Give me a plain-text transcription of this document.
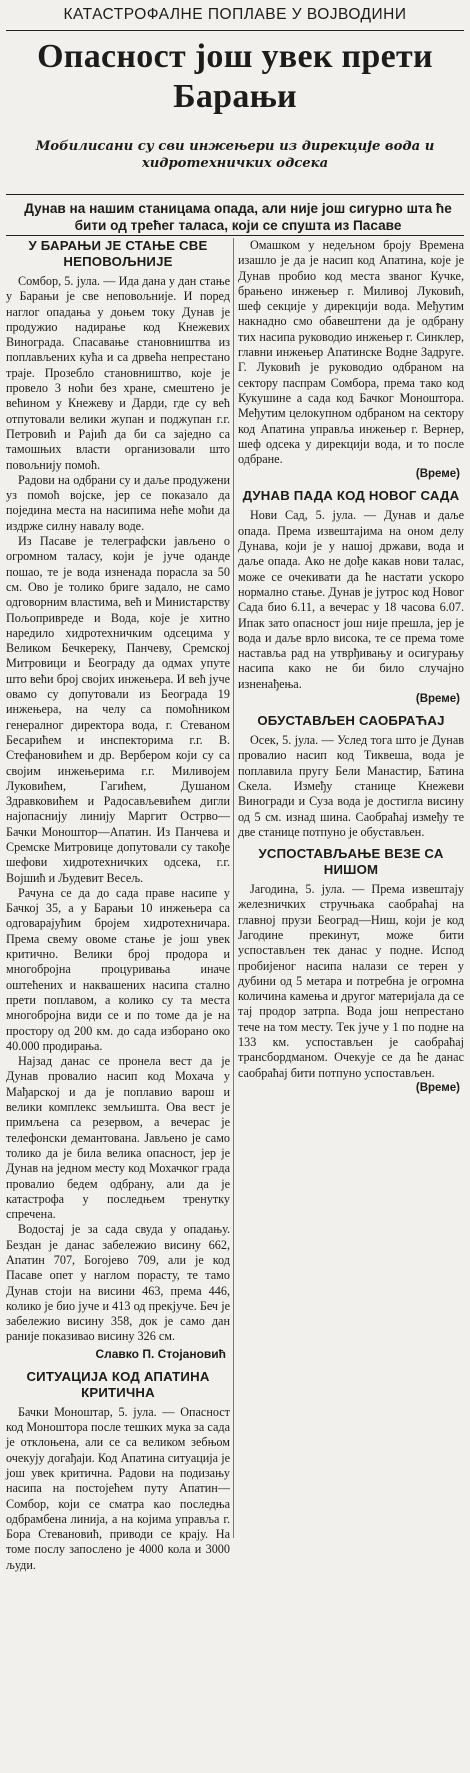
КАТАСТРОФАЛНЕ ПОПЛАВЕ У ВОЈВОДИНИ
Опасност још увек прети
Барањи
Мобилисани су сви инжењери из дирекције вода и хидротехничких одсека
Дунав на нашим станицама опада, али није још сигурно шта ће бити од трећег таласа, који се спушта из Пасаве
У БАРАЊИ ЈЕ СТАЊЕ СВЕ НЕПОВОЉНИЈЕ

Сомбор, 5. јула. — Ида дана у дан стање у Барањи је све неповољније. И поред наглог опадања у доњем току Дунав је продужио надирање код Кнежевих Винограда. Спасавање становништва из поплављених кућа и са дрвећа непрестано траје. Прозебло становништво, које је провело 3 ноћи без хране, смештено је већином у Кнежеву и Дарди, где су већ отпутовали велики жупан и поджупан г.г. Петровић и Рајић да би са заједно са тамошњих власти организовали што повољнију помоћ.

Радови на одбрани су и даље продужени уз помоћ војске, јер се показало да поједина места на насипима неће моћи да издрже силну навалу воде.

Из Пасаве је телеграфски јављено о огромном таласу, који је јуче оданде пошао, те је вода изненада порасла за 50 см. Ово је толико бриге задало, не само одговорним властима, већ и Министарству Пољопривреде и Вода, које је хитно наредило хидротехничким одсецима у Великом Бечкереку, Панчеву, Сремској Митровици и Београду да одмах упуте што већи број својих инжењера. И већ јуче овамо су допутовали из Београда 19 инжењера, на челу са помоћником генералног директора вода, г. Стеваном Бесарићем и инспекторима г.г. В. Стефановићем и др. Вербером који су са својим инжењерима г.г. Миливојем Луковићем, Гагићем, Душаном Здравковићем и Радосављевићем дигли најопаснију линију Маргит Острво—Бачки Моноштор—Апатин. Из Панчева и Сремске Митровице допутовали су такође шефови хидротехничких одсека, г.г. Војшић и Људевит Весељ.

Рачуна се да до сада праве насипе у Бачкој 35, а у Барањи 10 инжењера са одговарајућим бројем хидротехничара. Према свему овоме стање је још увек критично. Велики број продора и многобројна процуривања иначе оштећених и наквашених насипа стално прети поплавом, а колико су та места многобројна види се и по томе да је на простору од 200 км. до сада изборано око 40.000 продирања.

Најзад данас се пронела вест да је Дунав провалио насип код Мохача у Мађарској и да је поплавио варош и велики комплекс земљишта. Ова вест је примљена са резервом, а вечерас је телефонски демантована. Јављено је само толико да је била велика опасност, јер је Дунав на једном месту код Мохачког града провалио бедем одбрану, али да је катастрофа у последњем тренутку спречена.

Водостај је за сада свуда у опадању. Бездан је данас забележио висину 662, Апатин 707, Богојево 709, али је код Пасаве опет у наглом порасту, те тамо Дунав стоји на висини 463, према 446, колико је био јуче и 413 од прекјуче. Беч је забележио висину 358, док је само дан раније показивао висину 326 см.

Славко П. Стојановић
СИТУАЦИЈА КОД АПАТИНА КРИТИЧНА

Бачки Моноштар, 5. јула. — Опасност код Моноштора после тешких мука за сада је отклоњена, али се са великом зебњом очекују догађаји. Код Апатина ситуација је још увек критична. Радови на подизању насипа на постојећем путу Апатин—Сомбор, који се сматра као последња одбрамбена линија, а на којима управља г. Бора Стевановић, приводи се крају. На томе послу запослено је 4000 кола и 3000 људи.

Омашком у недељном броју Времена изашло је да је насип код Апатина, које је Дунав пробио код места званог Кучке, брањено инжењер г. Миливој Луковић, шеф секције у дирекцији вода. Међутим накнадно смо обавештени да је одбрану тих насипа руководио инжењер г. Синклер, главни инжењер Апатинске Водне Задруге. Г. Луковић је руководио одбраном на сектору паспрам Сомбора, према тако код Кукушине а сада код Бачког Моноштора. Међутим целокупном одбраном на сектору код Апатина управља инжењер г. Вернер, шеф одсека у дирекцији вода, и то после одбране.

(Време)
ДУНАВ ПАДА КОД НОВОГ САДА

Нови Сад, 5. јула. — Дунав и даље опада. Према извештајима на оном делу Дунава, који је у нашој држави, вода и даље опада. Ако не дође какав нови талас, може се очекивати да ће настати ускоро нормално стање. Дунав је јутрос код Новог Сада био 6.11, а вечерас у 18 часова 6.07. Ипак зато опасност још није прешла, јер је вода и даље врло висока, те се према томе наставља рад на утврђивању и осигурању насипа како не би било случајно изненађења.

(Време)
ОБУСТАВЉЕН САОБРАЋАЈ

Осек, 5. јула. — Услед тога што је Дунав провалио насип код Тиквеша, вода је поплавила пругу Бели Манастир, Батина Скела. Између станице Кнежеви Виногради и Суза вода је достигла висину од 5 см. изнад шина. Саобраћај између те две станице потпуно је обустављен.

УСПОСТАВЉАЊЕ ВЕЗЕ СА НИШОМ

Јагодина, 5. јула. — Према извештају железничких стручњака саобраћај на главној прузи Београд—Ниш, који је код Јагодине прекинут, може бити успостављен тек данас у подне. Испод пробијеног насипа налази се терен у дубини од 5 метара и потребна је огромна количина камења и другог материјала да се тај продор затрпа. Вода још непрестано тече на том месту. Тек јуче у 1 по подне на 133 км. успостављен је саобраћај трансбордманом. Очекује се да ће данас саобраћај бити потпуно успостављен.

(Време)
